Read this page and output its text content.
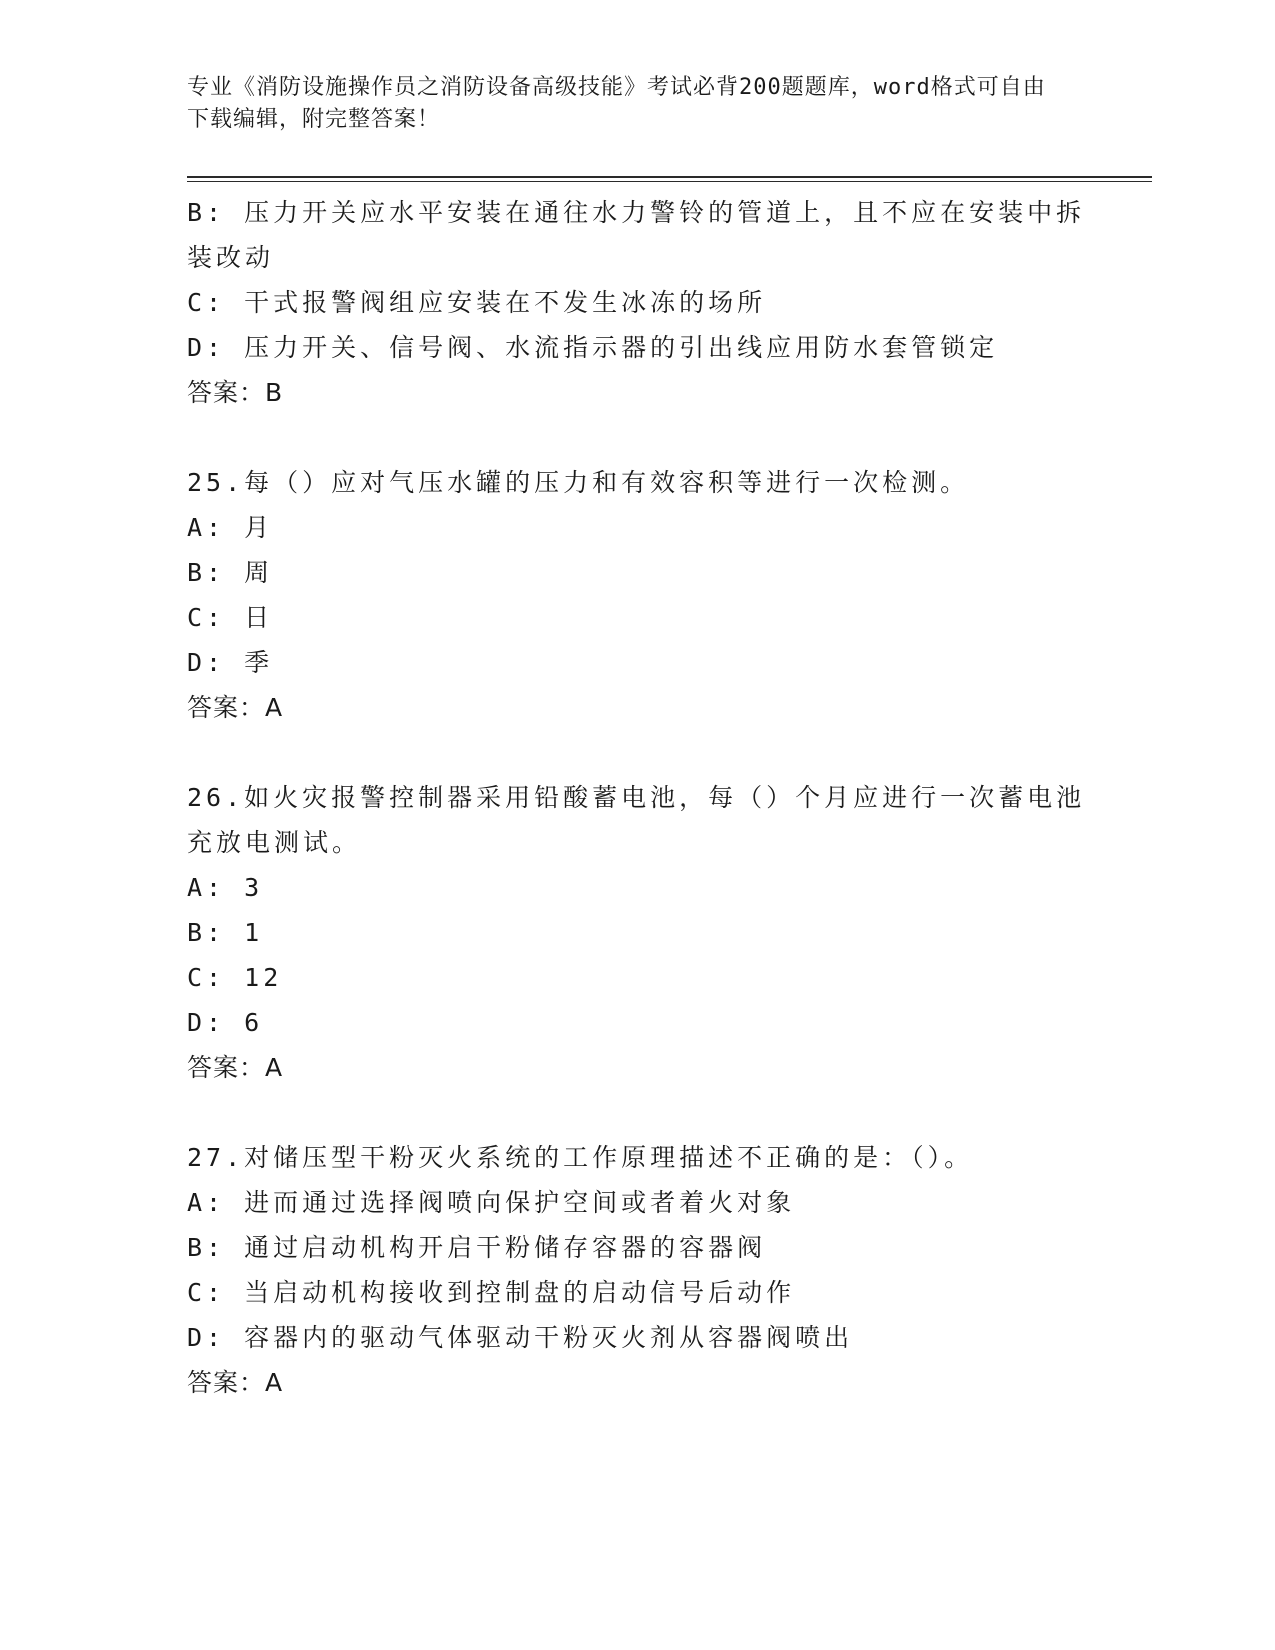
专业《消防设施操作员之消防设备高级技能》考试必背200题题库，word格式可自由下载编辑，附完整答案！
B: 压力开关应水平安装在通往水力警铃的管道上，且不应在安装中拆装改动
C: 干式报警阀组应安装在不发生冰冻的场所
D: 压力开关、信号阀、水流指示器的引出线应用防水套管锁定
答案：B
25.每（）应对气压水罐的压力和有效容积等进行一次检测。
A: 月
B: 周
C: 日
D: 季
答案：A
26.如火灾报警控制器采用铅酸蓄电池，每（）个月应进行一次蓄电池充放电测试。
A: 3
B: 1
C: 12
D: 6
答案：A
27.对储压型干粉灭火系统的工作原理描述不正确的是：（）。
A: 进而通过选择阀喷向保护空间或者着火对象
B: 通过启动机构开启干粉储存容器的容器阀
C: 当启动机构接收到控制盘的启动信号后动作
D: 容器内的驱动气体驱动干粉灭火剂从容器阀喷出
答案：A
